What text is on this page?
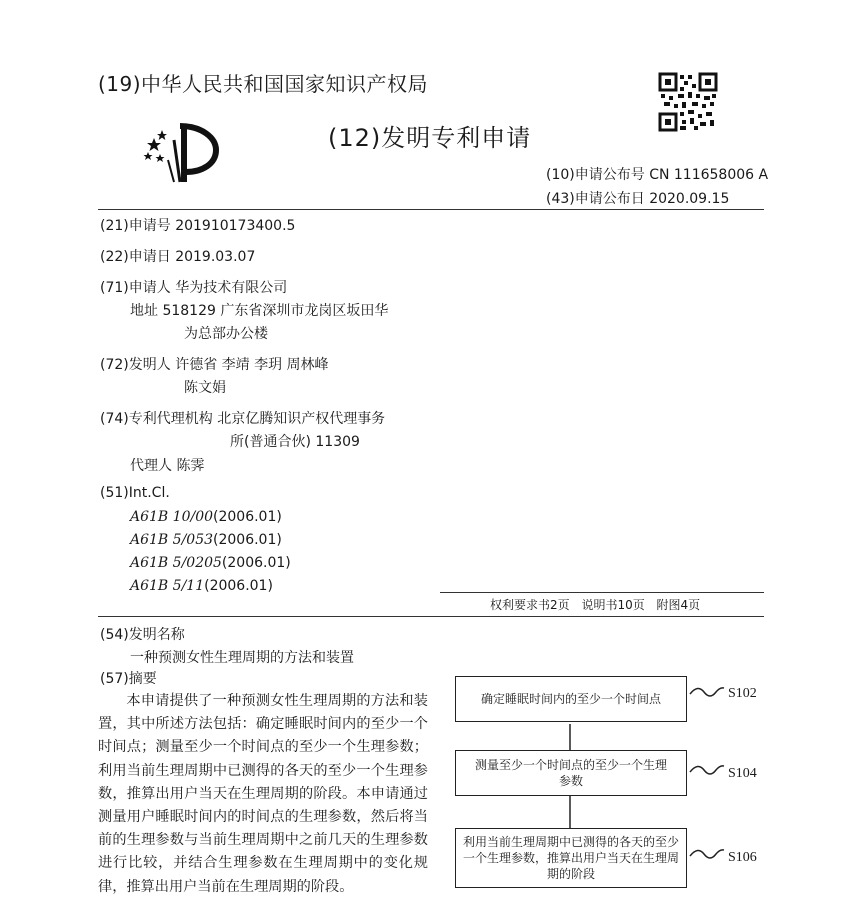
(19)中华人民共和国国家知识产权局
(12)发明专利申请
(10)申请公布号 CN 111658006 A
(43)申请公布日 2020.09.15
(21)申请号 201910173400.5
(22)申请日 2019.03.07
(71)申请人 华为技术有限公司
地址 518129 广东省深圳市龙岗区坂田华
为总部办公楼
(72)发明人 许德省 李靖 李玥 周林峰
陈文娟
(74)专利代理机构 北京亿腾知识产权代理事务
所(普通合伙) 11309
代理人 陈霁
(51)Int.Cl.
A61B 10/00(2006.01)
A61B 5/053(2006.01)
A61B 5/0205(2006.01)
A61B 5/11(2006.01)
权利要求书2页 说明书10页 附图4页
(54)发明名称
一种预测女性生理周期的方法和装置
(57)摘要
本申请提供了一种预测女性生理周期的方法和装置，其中所述方法包括：确定睡眠时间内的至少一个时间点；测量至少一个时间点的至少一个生理参数；利用当前生理周期中已测得的各天的至少一个生理参数，推算出用户当天在生理周期的阶段。本申请通过测量用户睡眠时间内的时间点的生理参数，然后将当前的生理参数与当前生理周期中之前几天的生理参数进行比较，并结合生理参数在生理周期中的变化规律，推算出用户当前在生理周期的阶段。
确定睡眠时间内的至少一个时间点	S102
测量至少一个时间点的至少一个生理参数	S104
利用当前生理周期中已测得的各天的至少一个生理参数，推算出用户当天在生理周期的阶段
S106
